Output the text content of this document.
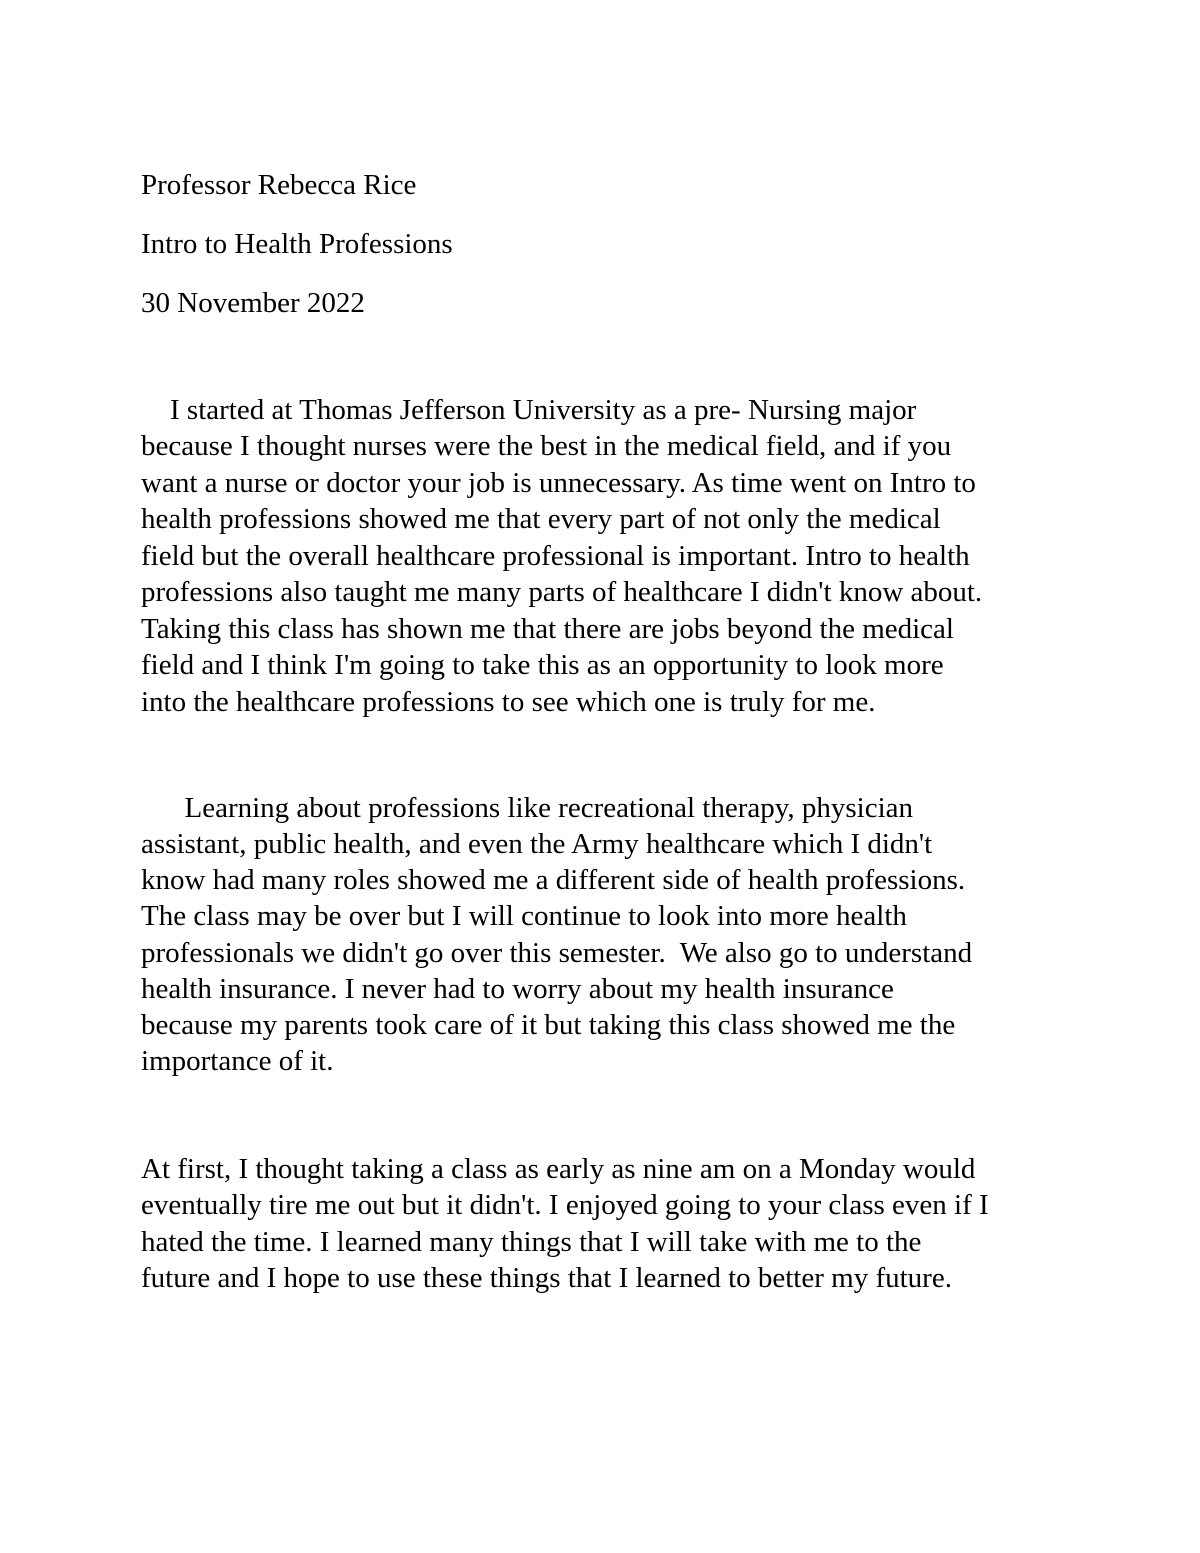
Professor Rebecca Rice

Intro to Health Professions

30 November 2022

I started at Thomas Jefferson University as a pre- Nursing major

because I thought nurses were the best in the medical field, and if you

want a nurse or doctor your job is unnecessary. As time went on Intro to

health professions showed me that every part of not only the medical

field but the overall healthcare professional is important. Intro to health

professions also taught me many parts of healthcare I didn't know about.

Taking this class has shown me that there are jobs beyond the medical

field and I think I'm going to take this as an opportunity to look more

into the healthcare professions to see which one is truly for me.

Learning about professions like recreational therapy, physician

assistant, public health, and even the Army healthcare which I didn't

know had many roles showed me a different side of health professions.

The class may be over but I will continue to look into more health

professionals we didn't go over this semester.  We also go to understand

health insurance. I never had to worry about my health insurance

because my parents took care of it but taking this class showed me the

importance of it.

At first, I thought taking a class as early as nine am on a Monday would

eventually tire me out but it didn't. I enjoyed going to your class even if I

hated the time. I learned many things that I will take with me to the

future and I hope to use these things that I learned to better my future.
